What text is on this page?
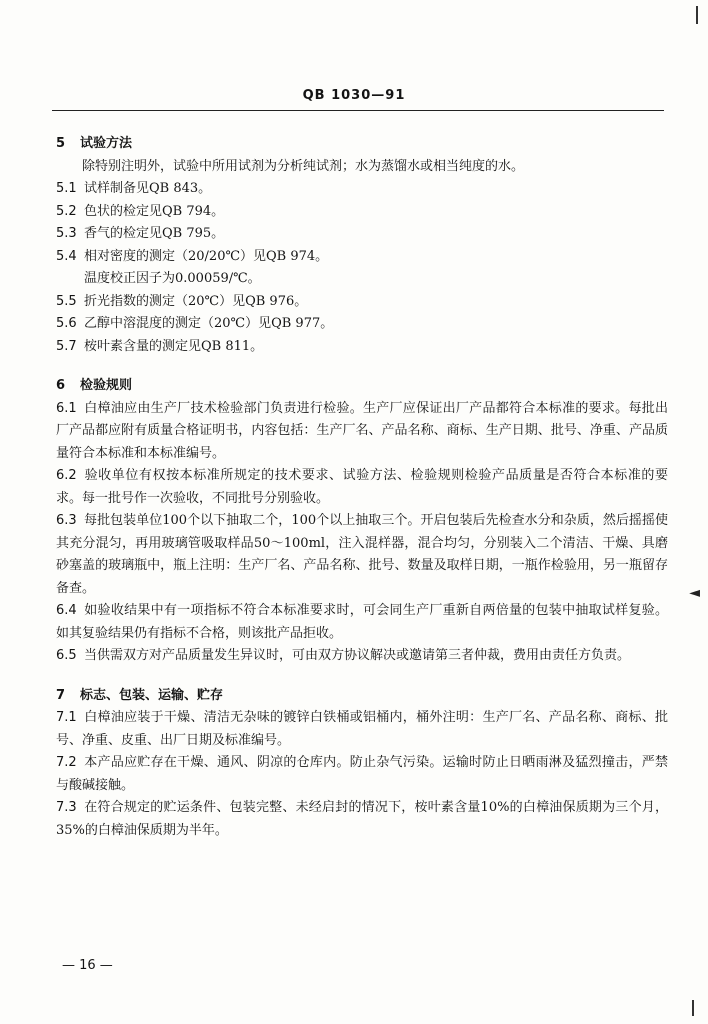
QB 1030—91

5 试验方法

除特别注明外，试验中所用试剂为分析纯试剂；水为蒸馏水或相当纯度的水。

5.1 试样制备见QB 843。

5.2 色状的检定见QB 794。

5.3 香气的检定见QB 795。

5.4 相对密度的测定（20/20℃）见QB 974。

温度校正因子为0.00059/℃。

5.5 折光指数的测定（20℃）见QB 976。

5.6 乙醇中溶混度的测定（20℃）见QB 977。

5.7 桉叶素含量的测定见QB 811。

6 检验规则

6.1 白樟油应由生产厂技术检验部门负责进行检验。生产厂应保证出厂产品都符合本标准的要求。每批出厂产品都应附有质量合格证明书，内容包括：生产厂名、产品名称、商标、生产日期、批号、净重、产品质量符合本标准和本标准编号。

6.2 验收单位有权按本标准所规定的技术要求、试验方法、检验规则检验产品质量是否符合本标准的要求。每一批号作一次验收，不同批号分别验收。

6.3 每批包装单位100个以下抽取二个，100个以上抽取三个。开启包装后先检查水分和杂质，然后摇摇使其充分混匀，再用玻璃管吸取样品50～100ml，注入混样器，混合均匀，分别装入二个清洁、干燥、具磨砂塞盖的玻璃瓶中，瓶上注明：生产厂名、产品名称、批号、数量及取样日期，一瓶作检验用，另一瓶留存备查。

6.4 如验收结果中有一项指标不符合本标准要求时，可会同生产厂重新自两倍量的包装中抽取试样复验。如其复验结果仍有指标不合格，则该批产品拒收。

6.5 当供需双方对产品质量发生异议时，可由双方协议解决或邀请第三者仲裁，费用由责任方负责。

7 标志、包装、运输、贮存

7.1 白樟油应装于干燥、清洁无杂味的镀锌白铁桶或铝桶内，桶外注明：生产厂名、产品名称、商标、批号、净重、皮重、出厂日期及标准编号。

7.2 本产品应贮存在干燥、通风、阴凉的仓库内。防止杂气污染。运输时防止日晒雨淋及猛烈撞击，严禁与酸碱接触。

7.3 在符合规定的贮运条件、包装完整、未经启封的情况下，桉叶素含量10%的白樟油保质期为三个月，35%的白樟油保质期为半年。

◄
— 16 —
